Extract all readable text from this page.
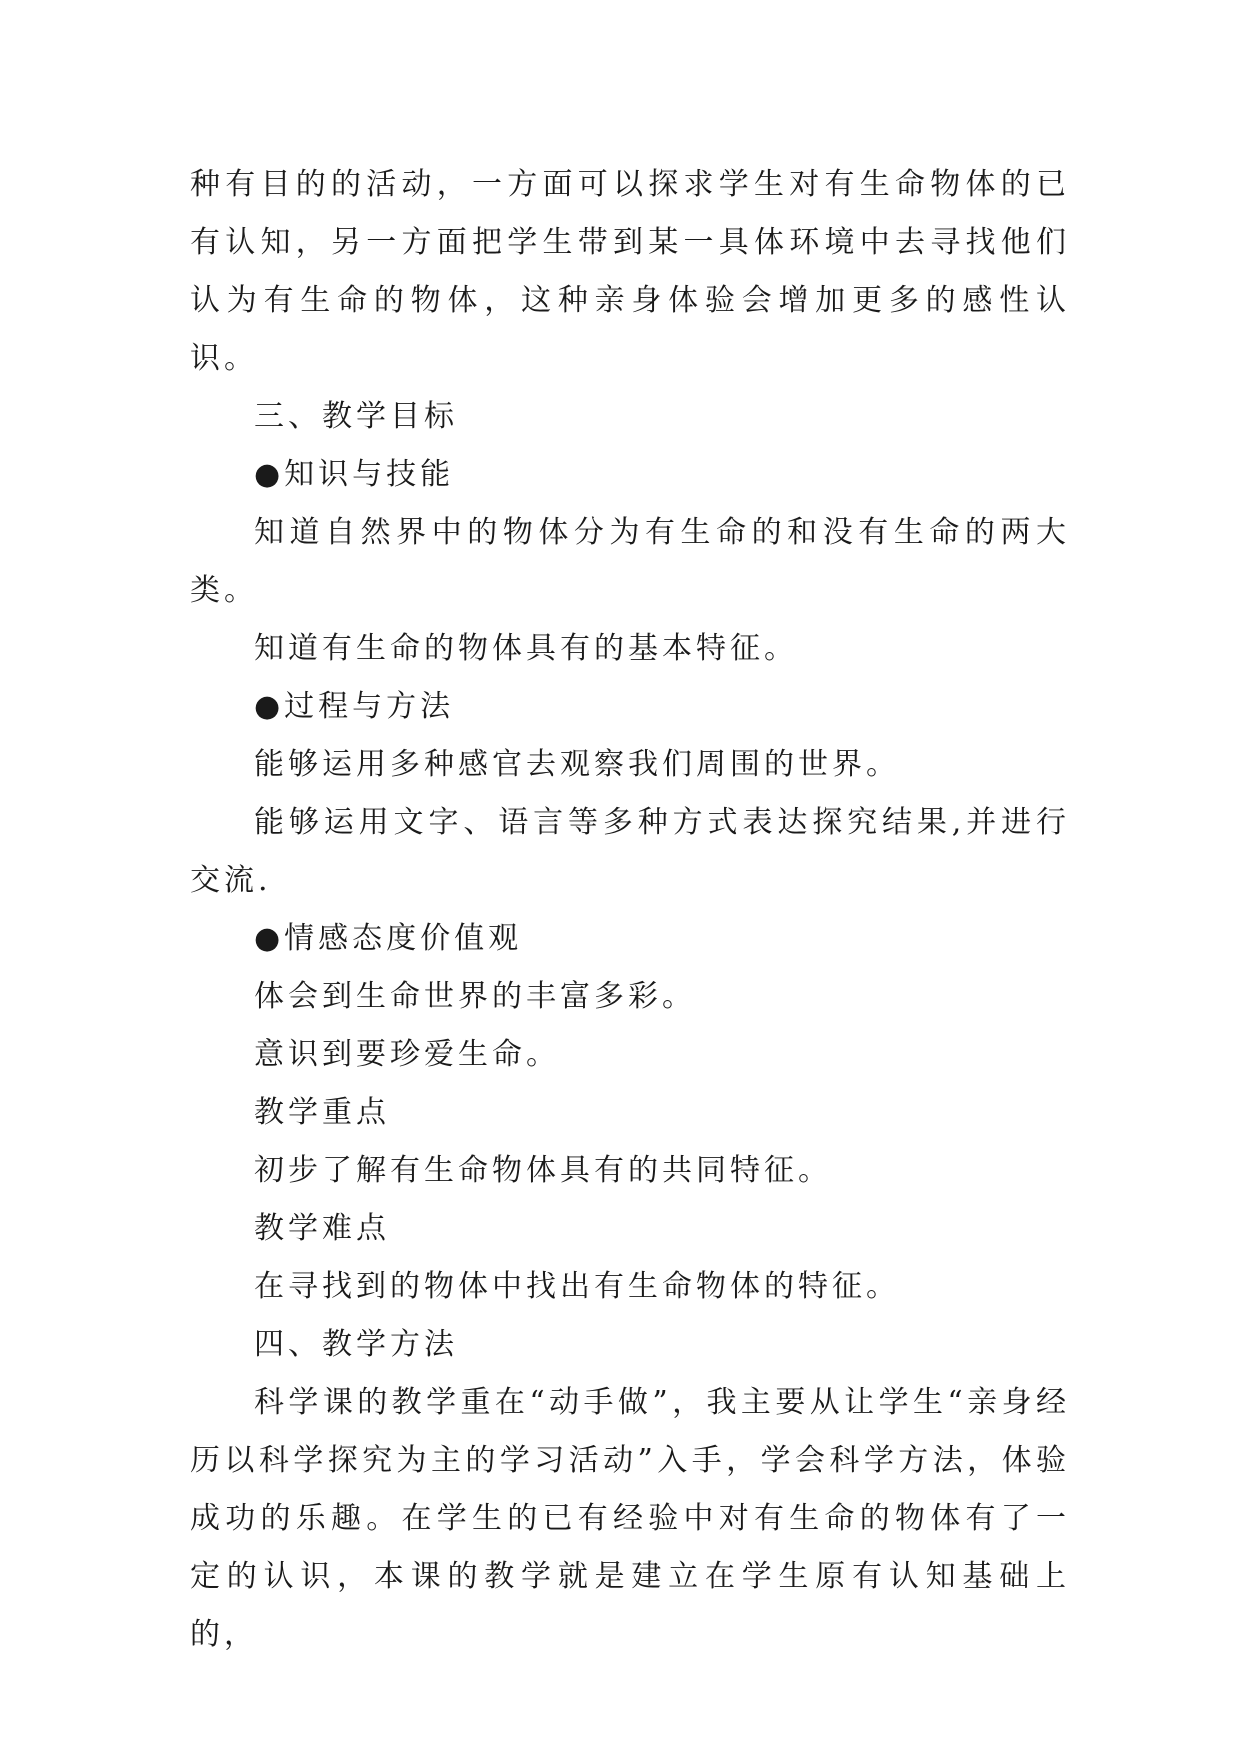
种有目的的活动，一方面可以探求学生对有生命物体的已有认知，另一方面把学生带到某一具体环境中去寻找他们认为有生命的物体，这种亲身体验会增加更多的感性认识。

三、教学目标

●知识与技能

知道自然界中的物体分为有生命的和没有生命的两大类。

知道有生命的物体具有的基本特征。

●过程与方法

能够运用多种感官去观察我们周围的世界。

能够运用文字、语言等多种方式表达探究结果,并进行交流.

●情感态度价值观

体会到生命世界的丰富多彩。

意识到要珍爱生命。

教学重点

初步了解有生命物体具有的共同特征。

教学难点

在寻找到的物体中找出有生命物体的特征。

四、教学方法

科学课的教学重在“动手做”，我主要从让学生“亲身经历以科学探究为主的学习活动”入手，学会科学方法，体验成功的乐趣。在学生的已有经验中对有生命的物体有了一定的认识，本课的教学就是建立在学生原有认知基础上的，
